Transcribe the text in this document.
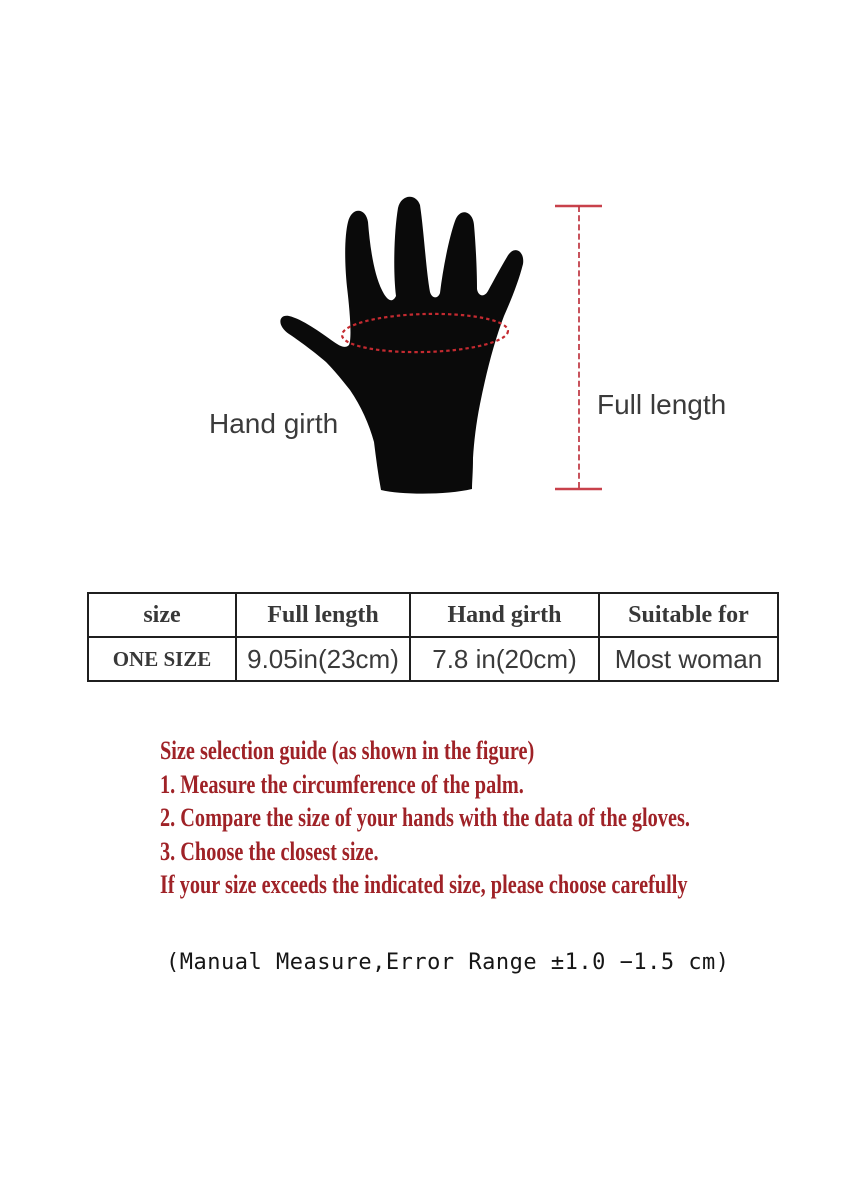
Hand girth
Full length
size	Full length	Hand girth	Suitable for
ONE SIZE	9.05in(23cm)	7.8 in(20cm)	Most woman
Size selection guide (as shown in the figure)
1. Measure the circumference of the palm.
2. Compare the size of your hands with the data of the gloves.
3. Choose the closest size.
If your size exceeds the indicated size, please choose carefully
(Manual Measure,Error Range ±1.0 −1.5 cm)
